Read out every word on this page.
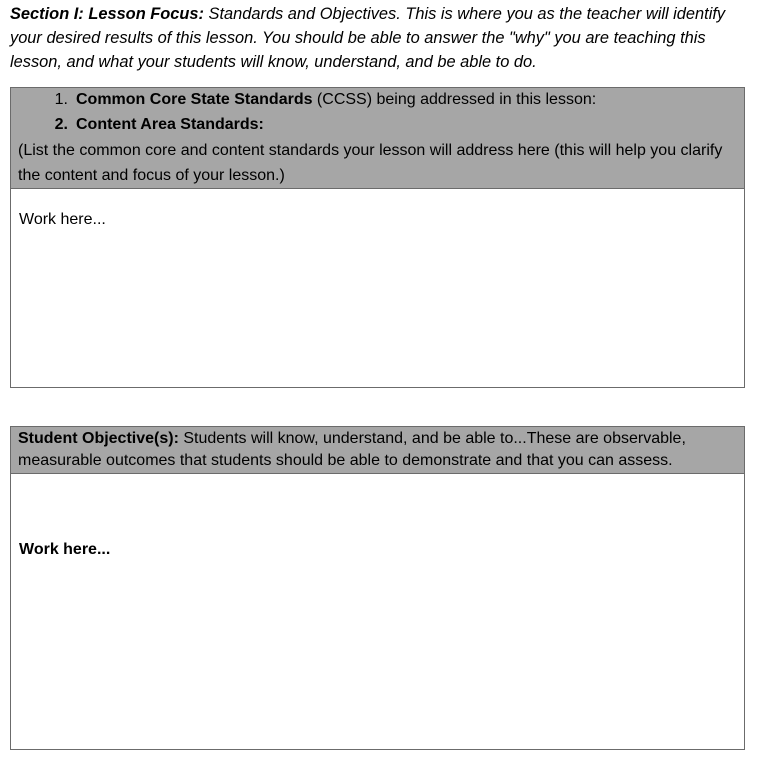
Section I: Lesson Focus: Standards and Objectives. This is where you as the teacher will identify your desired results of this lesson. You should be able to answer the "why" you are teaching this lesson, and what your students will know, understand, and be able to do.
1. Common Core State Standards (CCSS) being addressed in this lesson:
2. Content Area Standards:
(List the common core and content standards your lesson will address here (this will help you clarify the content and focus of your lesson.)
Work here...
Student Objective(s): Students will know, understand, and be able to...These are observable, measurable outcomes that students should be able to demonstrate and that you can assess.
Work here...
